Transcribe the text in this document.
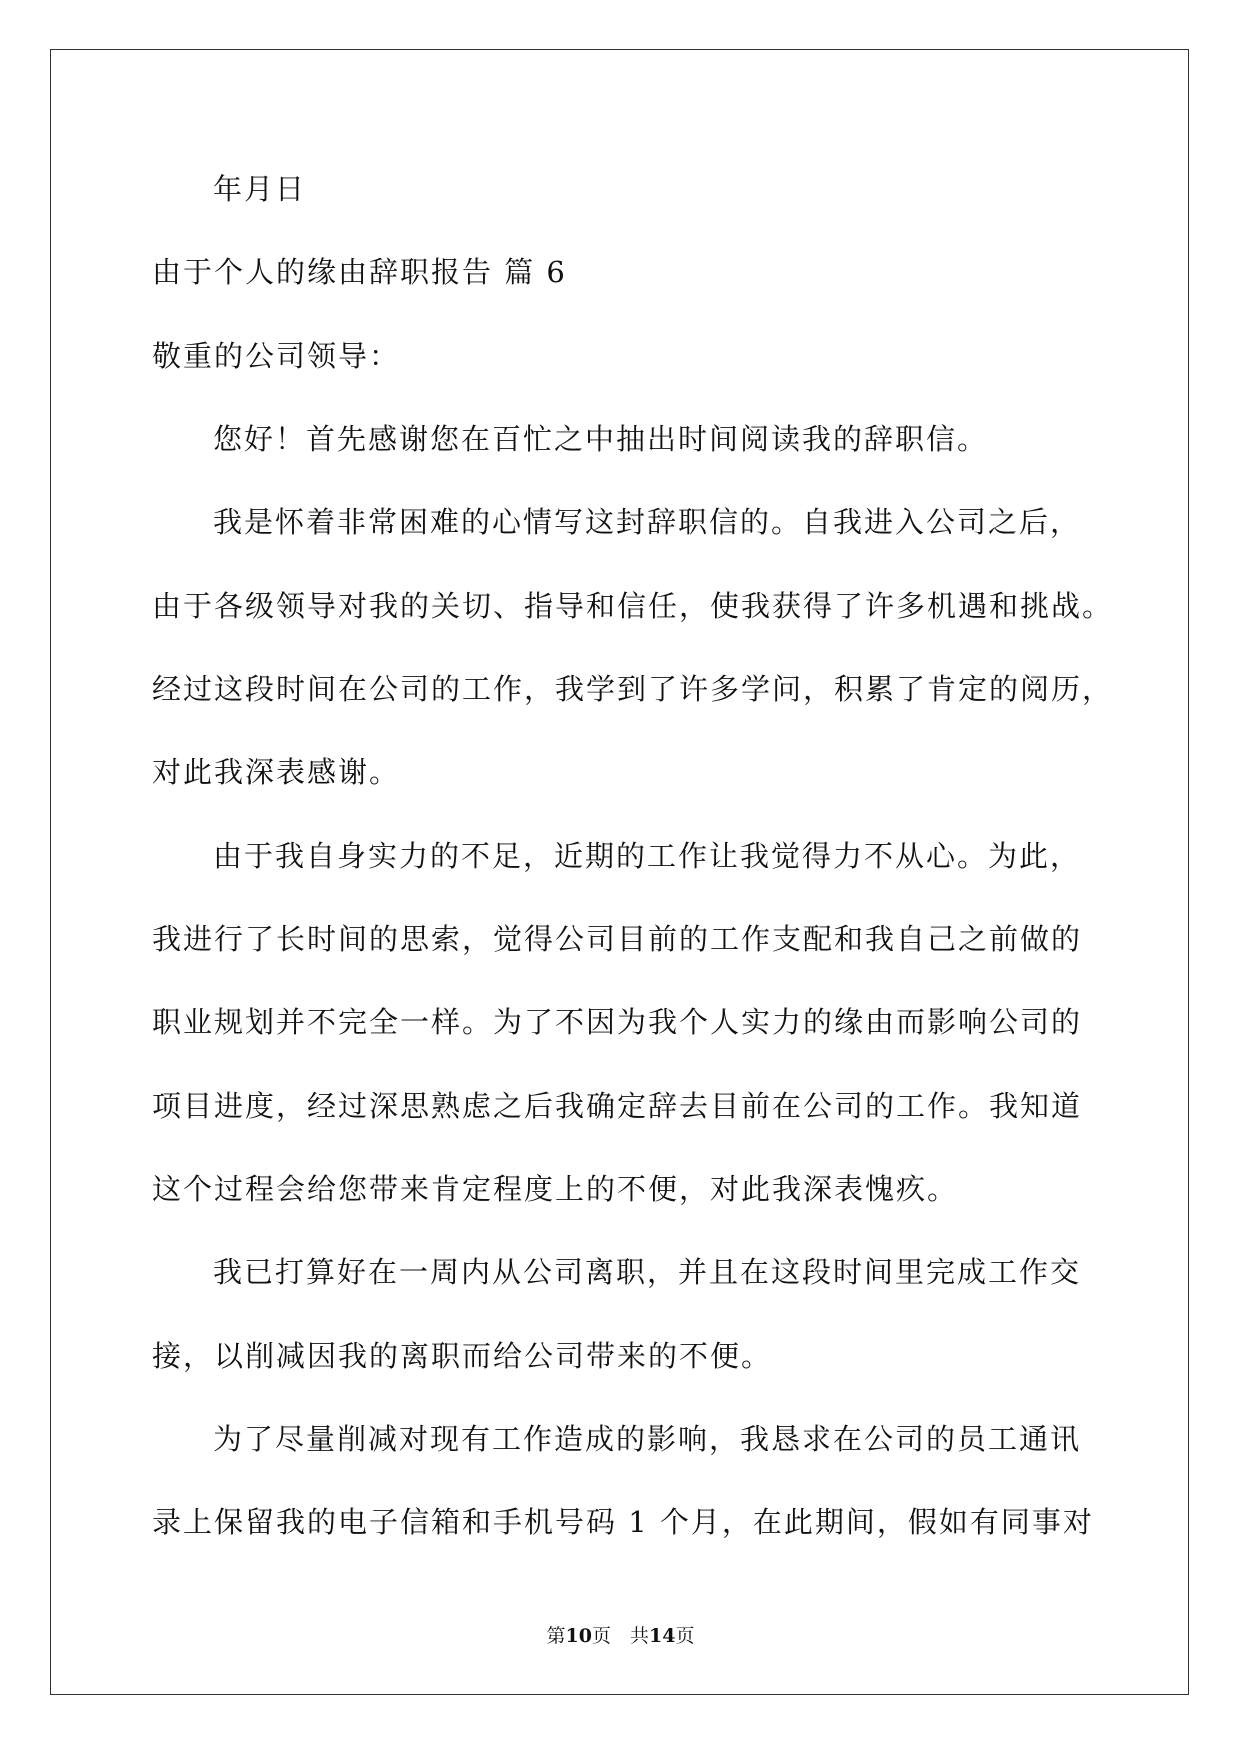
年月日
由于个人的缘由辞职报告 篇 6
敬重的公司领导：
您好！首先感谢您在百忙之中抽出时间阅读我的辞职信。
我是怀着非常困难的心情写这封辞职信的。自我进入公司之后，
由于各级领导对我的关切、指导和信任，使我获得了许多机遇和挑战。
经过这段时间在公司的工作，我学到了许多学问，积累了肯定的阅历，
对此我深表感谢。
由于我自身实力的不足，近期的工作让我觉得力不从心。为此，
我进行了长时间的思索，觉得公司目前的工作支配和我自己之前做的
职业规划并不完全一样。为了不因为我个人实力的缘由而影响公司的
项目进度，经过深思熟虑之后我确定辞去目前在公司的工作。我知道
这个过程会给您带来肯定程度上的不便，对此我深表愧疚。
我已打算好在一周内从公司离职，并且在这段时间里完成工作交
接，以削减因我的离职而给公司带来的不便。
为了尽量削减对现有工作造成的影响，我恳求在公司的员工通讯
录上保留我的电子信箱和手机号码 1 个月，在此期间，假如有同事对
第10页　共14页
